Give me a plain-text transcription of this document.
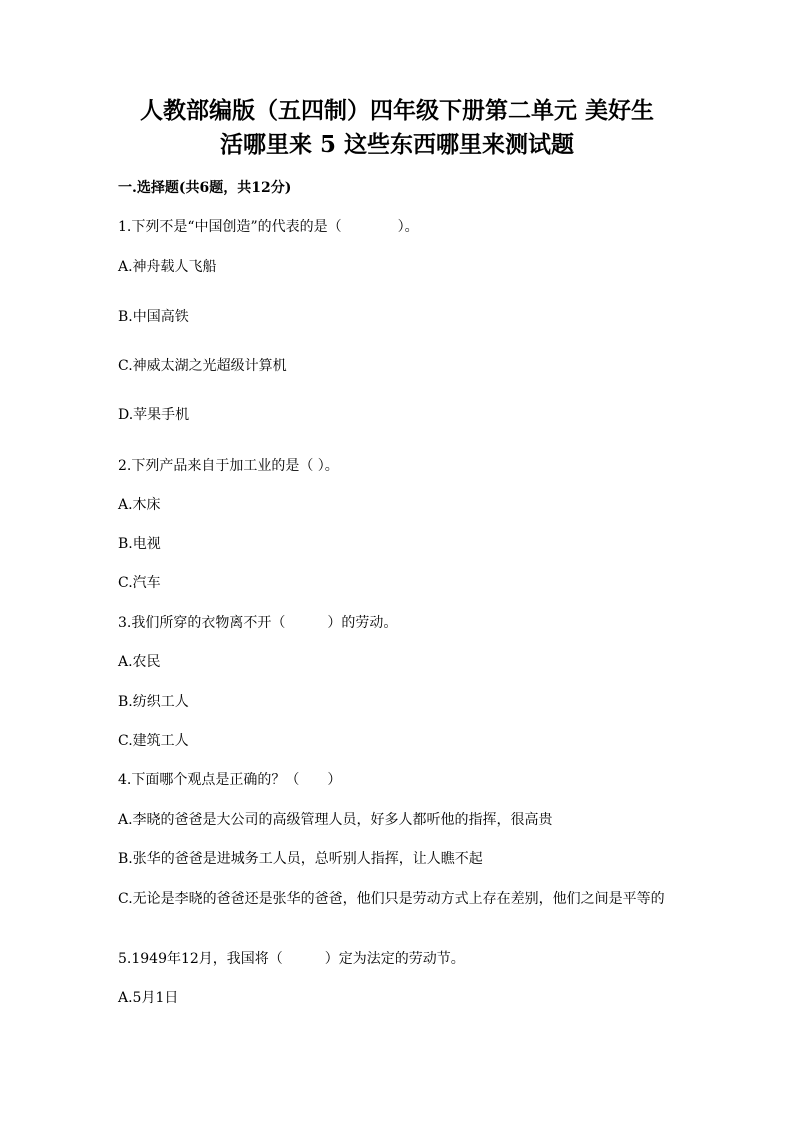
人教部编版（五四制）四年级下册第二单元 美好生
活哪里来 5 这些东西哪里来测试题

一.选择题(共6题，共12分)

1.下列不是“中国创造”的代表的是（　　　　）。

A.神舟载人飞船

B.中国高铁

C.神威太湖之光超级计算机

D.苹果手机

2.下列产品来自于加工业的是（ ）。

A.木床

B.电视

C.汽车

3.我们所穿的衣物离不开（　　　）的劳动。

A.农民

B.纺织工人

C.建筑工人

4.下面哪个观点是正确的？（　　）

A.李晓的爸爸是大公司的高级管理人员，好多人都听他的指挥，很高贵

B.张华的爸爸是进城务工人员，总听别人指挥，让人瞧不起

C.无论是李晓的爸爸还是张华的爸爸，他们只是劳动方式上存在差别，他们之间是平等的

5.1949年12月，我国将（　　　）定为法定的劳动节。

A.5月1日
